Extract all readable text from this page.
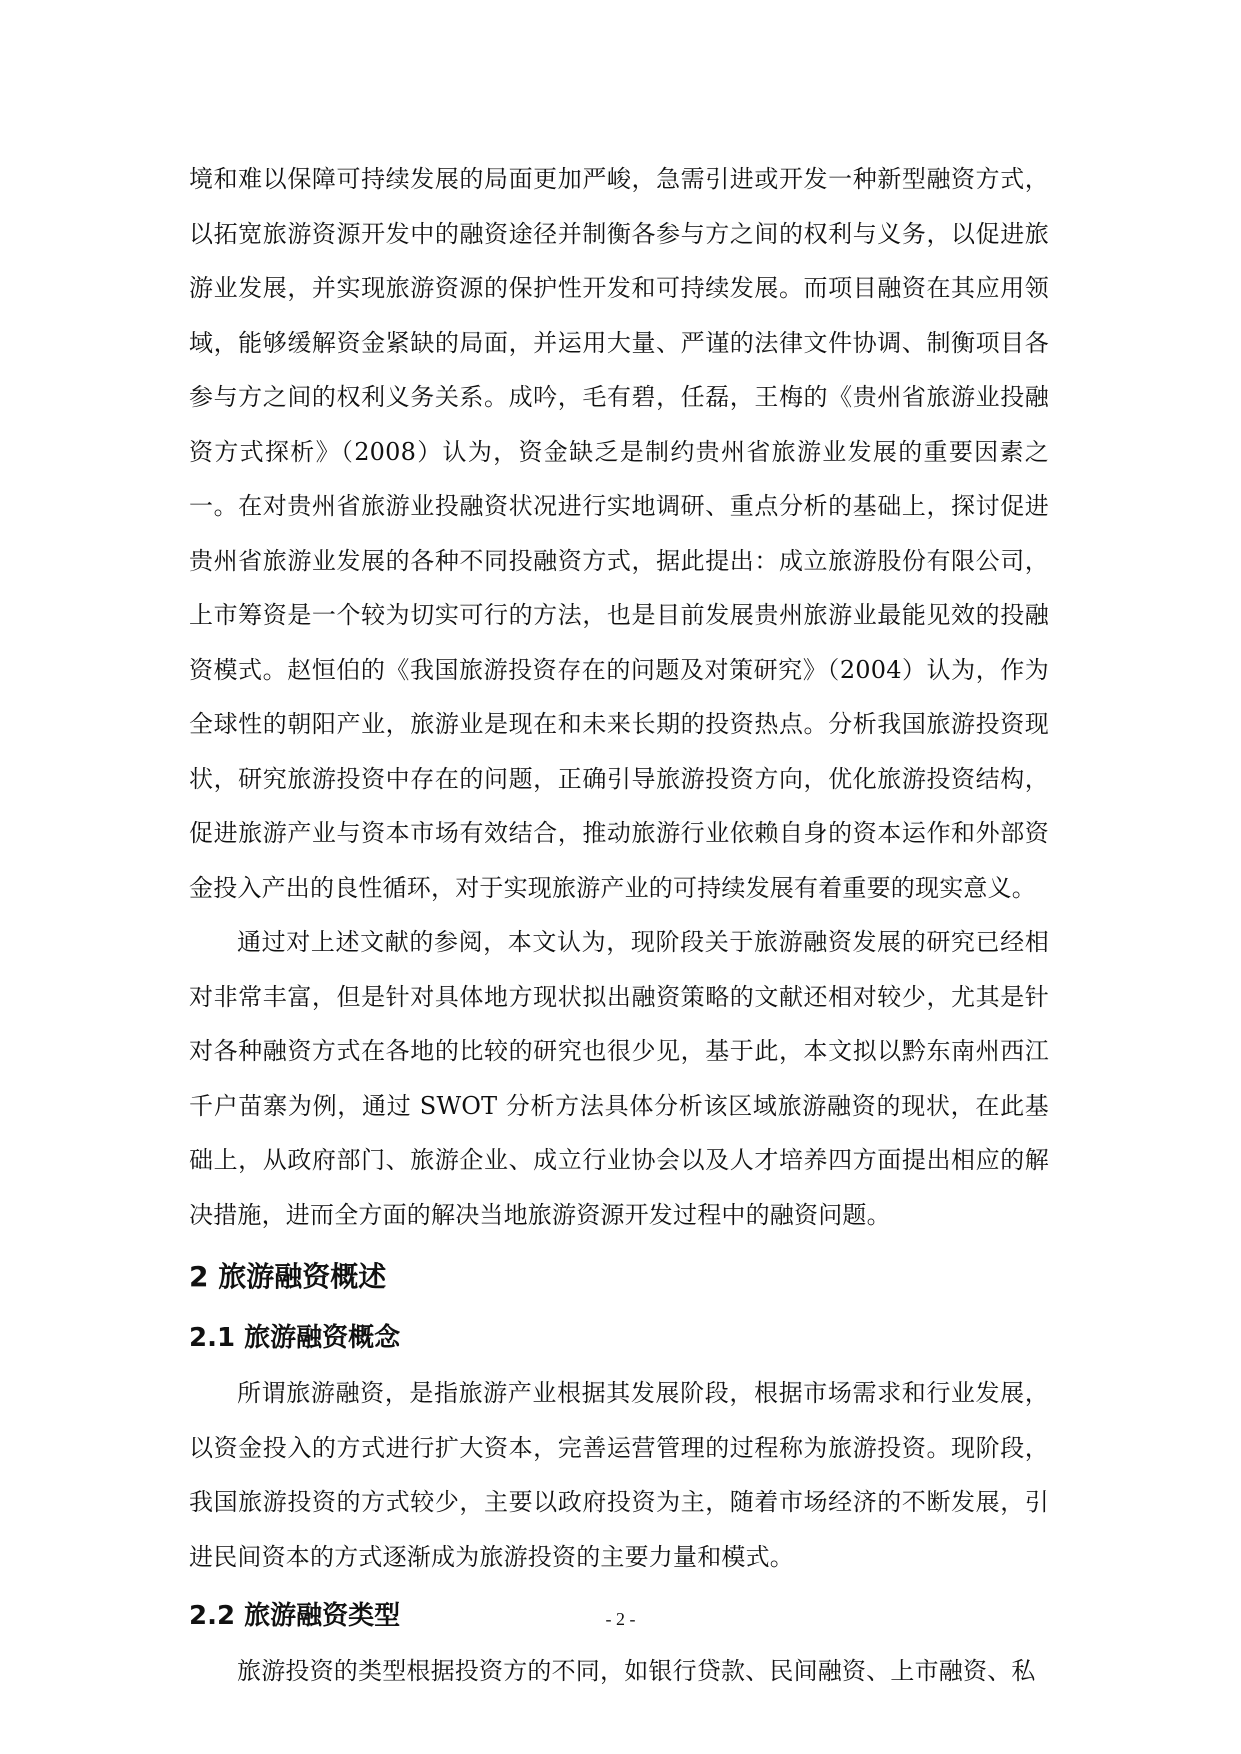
境和难以保障可持续发展的局面更加严峻，急需引进或开发一种新型融资方式，以拓宽旅游资源开发中的融资途径并制衡各参与方之间的权利与义务，以促进旅游业发展，并实现旅游资源的保护性开发和可持续发展。而项目融资在其应用领域，能够缓解资金紧缺的局面，并运用大量、严谨的法律文件协调、制衡项目各参与方之间的权利义务关系。成吟，毛有碧，任磊，王梅的《贵州省旅游业投融资方式探析》（2008）认为，资金缺乏是制约贵州省旅游业发展的重要因素之一。在对贵州省旅游业投融资状况进行实地调研、重点分析的基础上，探讨促进贵州省旅游业发展的各种不同投融资方式，据此提出：成立旅游股份有限公司，上市筹资是一个较为切实可行的方法，也是目前发展贵州旅游业最能见效的投融资模式。赵恒伯的《我国旅游投资存在的问题及对策研究》（2004）认为，作为全球性的朝阳产业，旅游业是现在和未来长期的投资热点。分析我国旅游投资现状，研究旅游投资中存在的问题，正确引导旅游投资方向，优化旅游投资结构，促进旅游产业与资本市场有效结合，推动旅游行业依赖自身的资本运作和外部资金投入产出的良性循环，对于实现旅游产业的可持续发展有着重要的现实意义。

通过对上述文献的参阅，本文认为，现阶段关于旅游融资发展的研究已经相对非常丰富，但是针对具体地方现状拟出融资策略的文献还相对较少，尤其是针对各种融资方式在各地的比较的研究也很少见，基于此，本文拟以黔东南州西江千户苗寨为例，通过 SWOT 分析方法具体分析该区域旅游融资的现状，在此基础上，从政府部门、旅游企业、成立行业协会以及人才培养四方面提出相应的解决措施，进而全方面的解决当地旅游资源开发过程中的融资问题。

2 旅游融资概述
2.1 旅游融资概念

所谓旅游融资，是指旅游产业根据其发展阶段，根据市场需求和行业发展，以资金投入的方式进行扩大资本，完善运营管理的过程称为旅游投资。现阶段，我国旅游投资的方式较少，主要以政府投资为主，随着市场经济的不断发展，引进民间资本的方式逐渐成为旅游投资的主要力量和模式。

2.2 旅游融资类型

旅游投资的类型根据投资方的不同，如银行贷款、民间融资、上市融资、私

- 2 -
